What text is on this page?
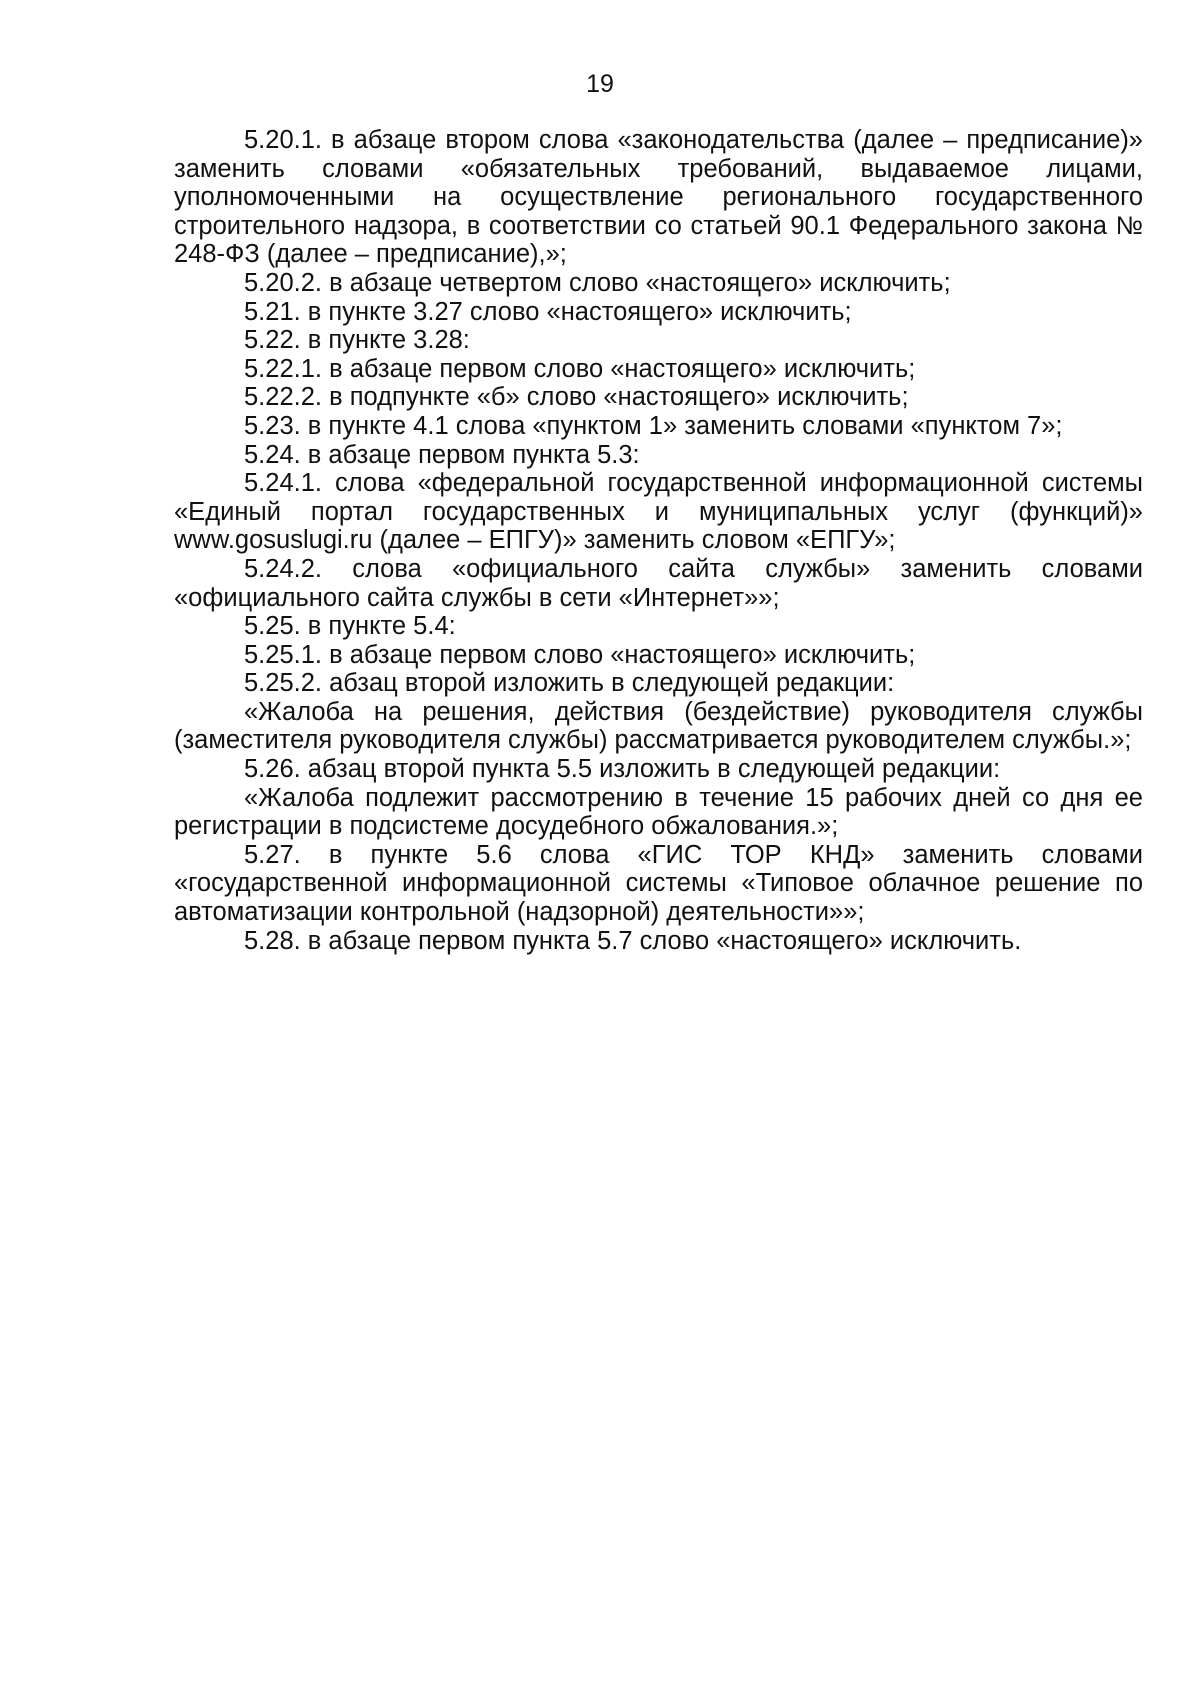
19

5.20.1. в абзаце втором слова «законодательства (далее – предписание)» заменить словами «обязательных требований, выдаваемое лицами, уполномоченными на осуществление регионального государственного строительного надзора, в соответствии со статьей 90.1 Федерального закона № 248-ФЗ (далее – предписание),»;

5.20.2. в абзаце четвертом слово «настоящего» исключить;

5.21. в пункте 3.27 слово «настоящего» исключить;

5.22. в пункте 3.28:

5.22.1. в абзаце первом слово «настоящего» исключить;

5.22.2. в подпункте «б» слово «настоящего» исключить;

5.23. в пункте 4.1 слова «пунктом 1» заменить словами «пунктом 7»;

5.24. в абзаце первом пункта 5.3:

5.24.1. слова «федеральной государственной информационной системы «Единый портал государственных и муниципальных услуг (функций)» www.gosuslugi.ru (далее – ЕПГУ)» заменить словом «ЕПГУ»;

5.24.2. слова «официального сайта службы» заменить словами «официального сайта службы в сети «Интернет»»;

5.25. в пункте 5.4:

5.25.1. в абзаце первом слово «настоящего» исключить;

5.25.2. абзац второй изложить в следующей редакции:

«Жалоба на решения, действия (бездействие) руководителя службы (заместителя руководителя службы) рассматривается руководителем службы.»;

5.26. абзац второй пункта 5.5 изложить в следующей редакции:

«Жалоба подлежит рассмотрению в течение 15 рабочих дней со дня ее регистрации в подсистеме досудебного обжалования.»;

5.27. в пункте 5.6 слова «ГИС ТОР КНД» заменить словами «государственной информационной системы «Типовое облачное решение по автоматизации контрольной (надзорной) деятельности»»;

5.28. в абзаце первом пункта 5.7 слово «настоящего» исключить.
